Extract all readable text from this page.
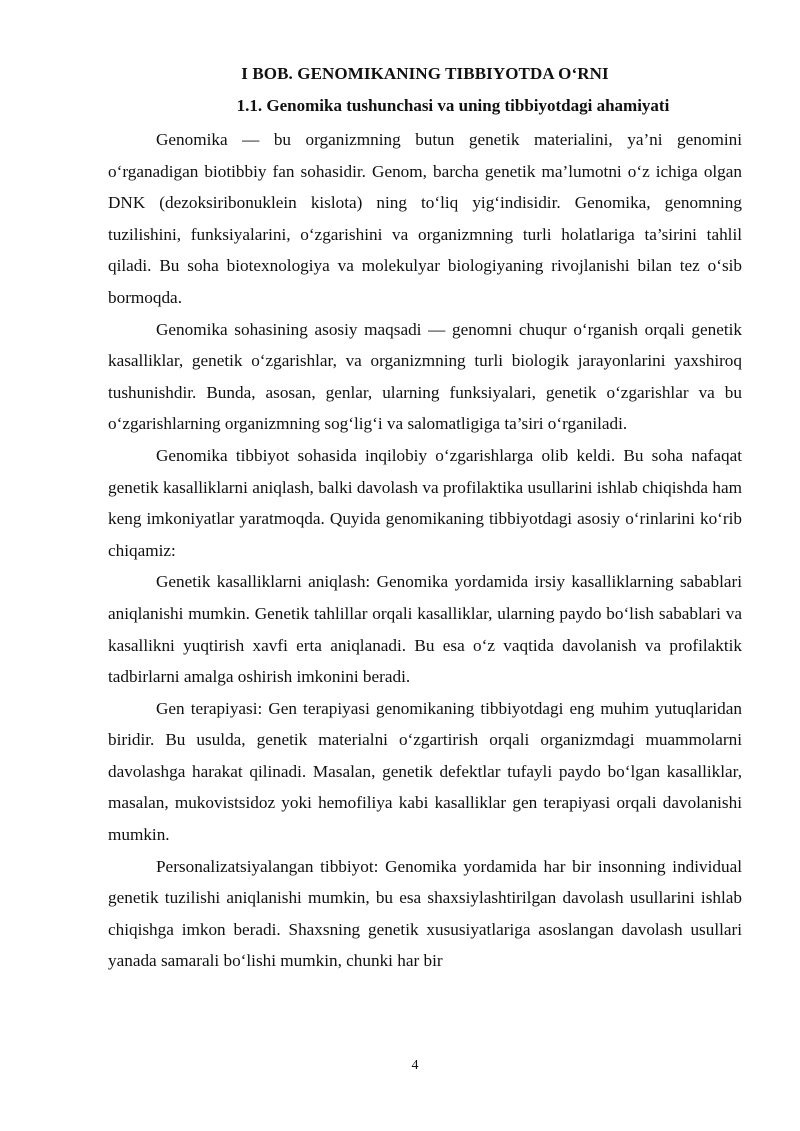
I BOB. GENOMIKANING TIBBIYOTDA O‘RNI
1.1. Genomika tushunchasi va uning tibbiyotdagi ahamiyati

Genomika — bu organizmning butun genetik materialini, ya’ni genomini o‘rganadigan biotibbiy fan sohasidir. Genom, barcha genetik ma’lumotni o‘z ichiga olgan DNK (dezoksiribonuklein kislota) ning to‘liq yig‘indisidir. Genomika, genomning tuzilishini, funksiyalarini, o‘zgarishini va organizmning turli holatlariga ta’sirini tahlil qiladi. Bu soha biotexnologiya va molekulyar biologiyaning rivojlanishi bilan tez o‘sib bormoqda.

Genomika sohasining asosiy maqsadi — genomni chuqur o‘rganish orqali genetik kasalliklar, genetik o‘zgarishlar, va organizmning turli biologik jarayonlarini yaxshiroq tushunishdir. Bunda, asosan, genlar, ularning funksiyalari, genetik o‘zgarishlar va bu o‘zgarishlarning organizmning sog‘lig‘i va salomatligiga ta’siri o‘rganiladi.

Genomika tibbiyot sohasida inqilobiy o‘zgarishlarga olib keldi. Bu soha nafaqat genetik kasalliklarni aniqlash, balki davolash va profilaktika usullarini ishlab chiqishda ham keng imkoniyatlar yaratmoqda. Quyida genomikaning tibbiyotdagi asosiy o‘rinlarini ko‘rib chiqamiz:

Genetik kasalliklarni aniqlash: Genomika yordamida irsiy kasalliklarning sabablari aniqlanishi mumkin. Genetik tahlillar orqali kasalliklar, ularning paydo bo‘lish sabablari va kasallikni yuqtirish xavfi erta aniqlanadi. Bu esa o‘z vaqtida davolanish va profilaktik tadbirlarni amalga oshirish imkonini beradi.

Gen terapiyasi: Gen terapiyasi genomikaning tibbiyotdagi eng muhim yutuqlaridan biridir. Bu usulda, genetik materialni o‘zgartirish orqali organizmdagi muammolarni davolashga harakat qilinadi. Masalan, genetik defektlar tufayli paydo bo‘lgan kasalliklar, masalan, mukovistsidoz yoki hemofiliya kabi kasalliklar gen terapiyasi orqali davolanishi mumkin.

Personalizatsiyalangan tibbiyot: Genomika yordamida har bir insonning individual genetik tuzilishi aniqlanishi mumkin, bu esa shaxsiylashtirilgan davolash usullarini ishlab chiqishga imkon beradi. Shaxsning genetik xususiyatlariga asoslangan davolash usullari yanada samarali bo‘lishi mumkin, chunki har bir

4
